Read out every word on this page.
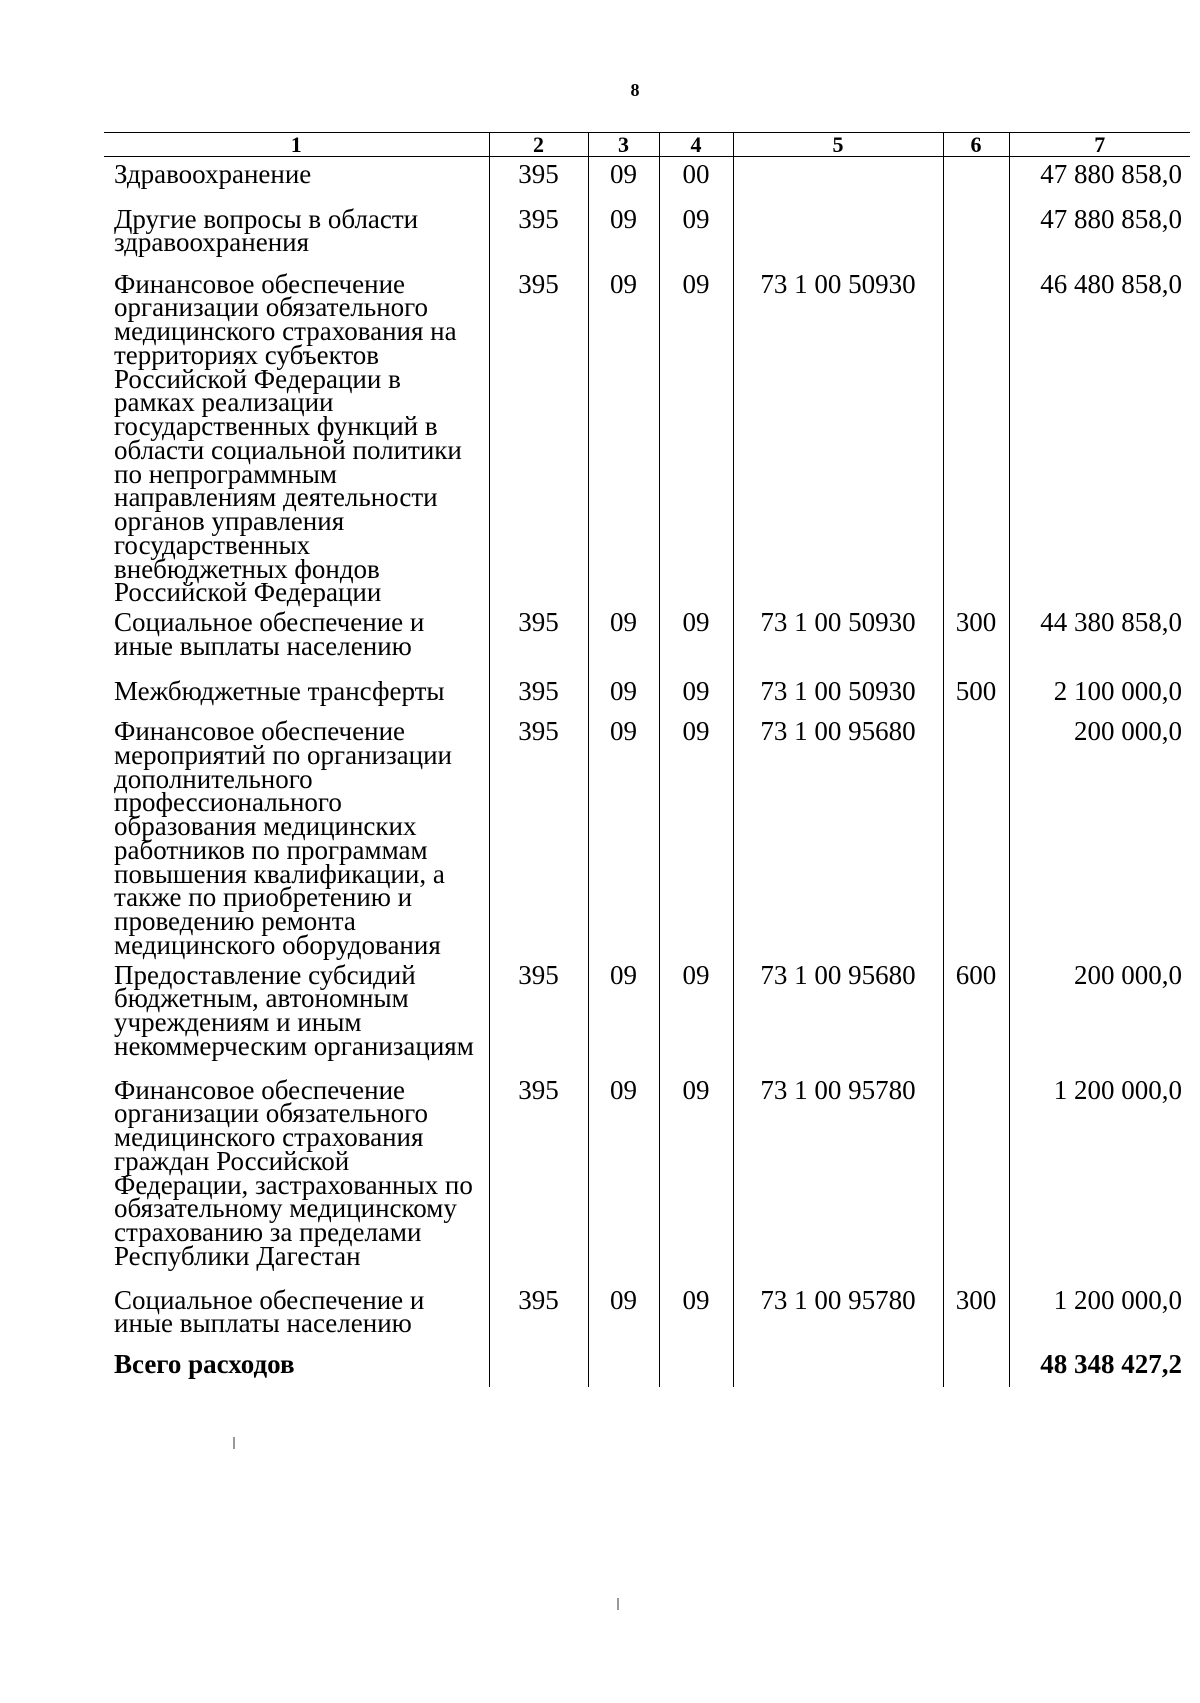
8
1	2	3	4	5	6	7
Здравоохранение	395	09	00			47 880 858,0
Другие вопросы в области здравоохранения	395	09	09			47 880 858,0
Финансовое обеспечение организации обязательного медицинского страхования на территориях субъектов Российской Федерации в рамках реализации государственных функций в области социальной политики по непрограммным направлениям деятельности органов управления государственных внебюджетных фондов Российской Федерации	395	09	09	73 1 00 50930		46 480 858,0
Социальное обеспечение и иные выплаты населению	395	09	09	73 1 00 50930	300	44 380 858,0
Межбюджетные трансферты	395	09	09	73 1 00 50930	500	2 100 000,0
Финансовое обеспечение мероприятий по организации дополнительного профессионального образования медицинских работников по программам повышения квалификации, а также по приобретению и проведению ремонта медицинского оборудования	395	09	09	73 1 00 95680		200 000,0
Предоставление субсидий бюджетным, автономным учреждениям и иным некоммерческим организациям	395	09	09	73 1 00 95680	600	200 000,0
Финансовое обеспечение организации обязательного медицинского страхования граждан Российской Федерации, застрахованных по обязательному медицинскому страхованию за пределами Республики Дагестан	395	09	09	73 1 00 95780		1 200 000,0
Социальное обеспечение и иные выплаты населению	395	09	09	73 1 00 95780	300	1 200 000,0
Всего расходов						48 348 427,2
